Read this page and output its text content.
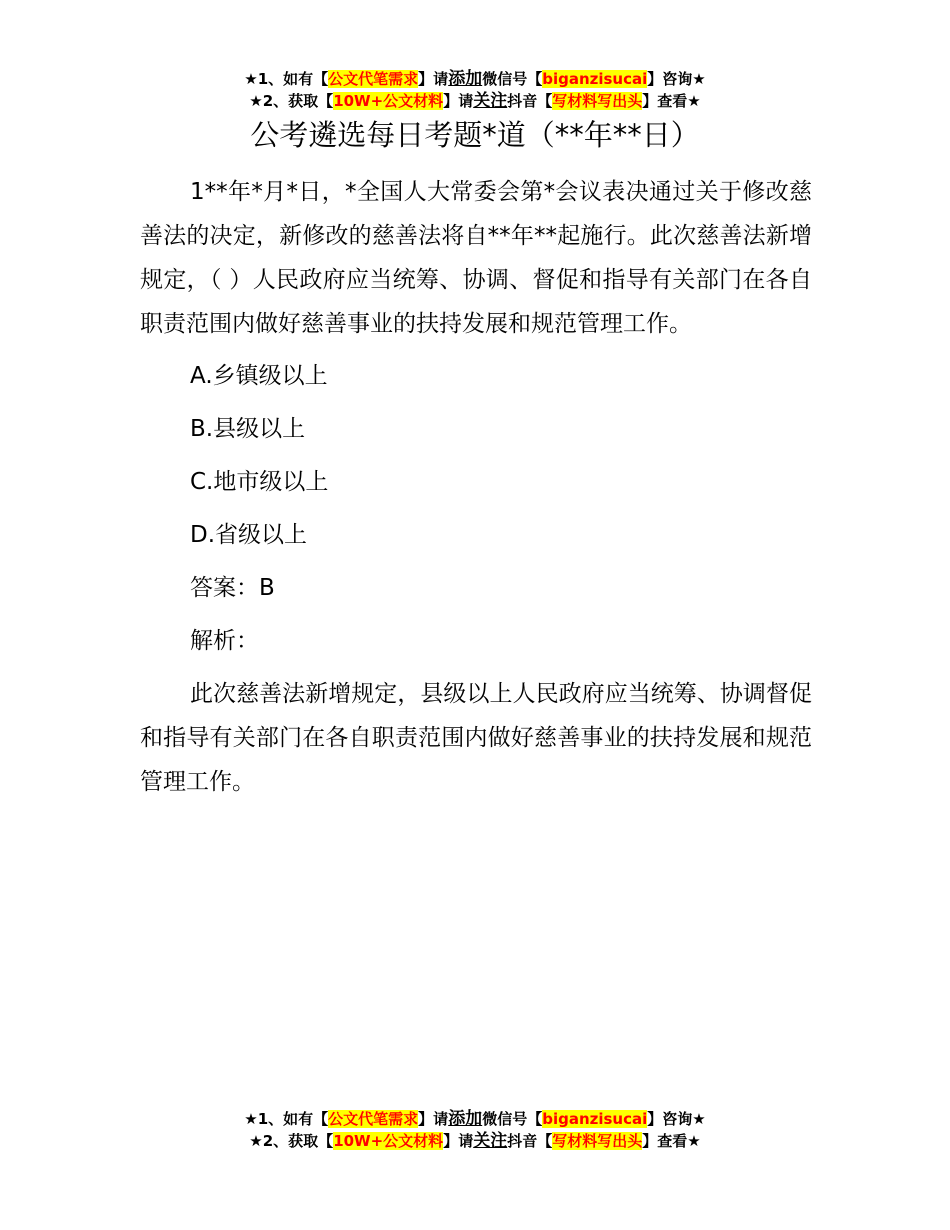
★1、如有【公文代笔需求】请添加微信号【biganzisucai】咨询★
★2、获取【10W+公文材料】请关注抖音【写材料写出头】查看★
公考遴选每日考题*道（**年**日）

1**年*月*日，*全国人大常委会第*会议表决通过关于修改慈善法的决定，新修改的慈善法将自**年**起施行。此次慈善法新增规定，（ ）人民政府应当统筹、协调、督促和指导有关部门在各自职责范围内做好慈善事业的扶持发展和规范管理工作。

A.乡镇级以上

B.县级以上

C.地市级以上

D.省级以上

答案：B

解析：

此次慈善法新增规定，县级以上人民政府应当统筹、协调督促和指导有关部门在各自职责范围内做好慈善事业的扶持发展和规范管理工作。

★1、如有【公文代笔需求】请添加微信号【biganzisucai】咨询★
★2、获取【10W+公文材料】请关注抖音【写材料写出头】查看★
